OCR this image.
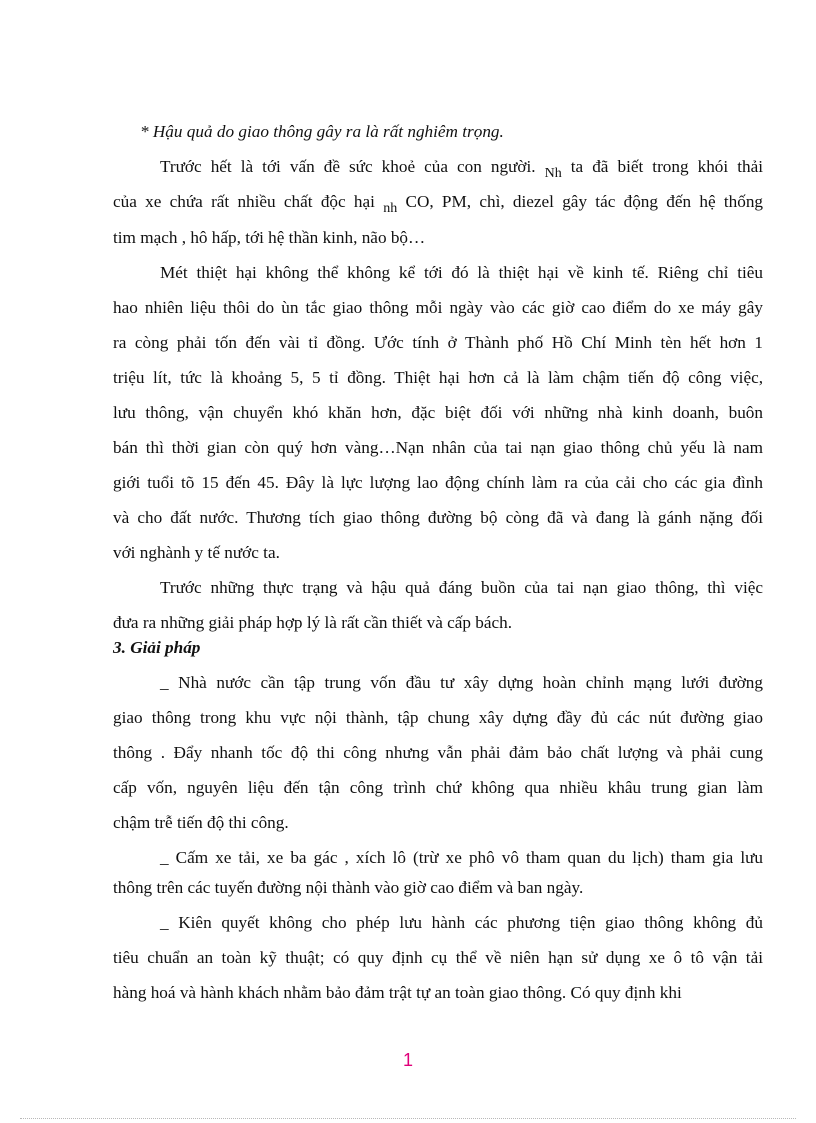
* Hậu quả do giao thông gây ra là rất nghiêm trọng.
Trước hết là tới vấn đề sức khoẻ của con người. $_{Nh}$ ta đã biết trong khói thải
của xe chứa rất nhiều chất độc hại $_{nh}$ CO, PM, chì, diezel gây tác động đến hệ thống
tim mạch , hô hấp, tới hệ thần kinh, não bộ…
Mét thiệt hại không thể không kể tới đó là thiệt hại về kinh tế. Riêng chỉ tiêu
hao nhiên liệu thôi do ùn tắc giao thông mỗi ngày vào các giờ cao điểm do xe máy gây
ra còng phải tốn đến vài tỉ đồng. Ước tính ở Thành phố Hồ Chí Minh tèn hết hơn 1
triệu lít, tức là khoảng 5, 5 tỉ đồng. Thiệt hại hơn cả là làm chậm tiến độ công việc,
lưu thông, vận chuyển khó khăn hơn, đặc biệt đối với những nhà kinh doanh, buôn
bán thì thời gian còn quý hơn vàng…Nạn nhân của tai nạn giao thông chủ yếu là nam
giới tuổi tõ 15 đến 45. Đây là lực lượng lao động chính làm ra của cải cho các gia đình
và cho đất nước. Thương tích giao thông đường bộ còng đã và đang là gánh nặng đối
với nghành y tế nước ta.
Trước những thực trạng và hậu quả đáng buồn của tai nạn giao thông, thì việc
đưa ra những giải pháp hợp lý là rất cần thiết và cấp bách.
3. Giải pháp
_ Nhà nước cần tập trung vốn đầu tư xây dựng hoàn chỉnh mạng lưới đường
giao thông trong khu vực nội thành, tập chung xây dựng đầy đủ các nút đường giao
thông . Đẩy nhanh tốc độ thi công nhưng vẫn phải đảm bảo chất lượng và phải cung
cấp vốn, nguyên liệu đến tận công trình chứ không qua nhiều khâu trung gian làm
chậm trễ tiến độ thi công.
_ Cấm xe tải, xe ba gác , xích lô (trừ xe phô vô tham quan du lịch) tham gia lưu
thông trên các tuyến đường nội thành vào giờ cao điểm và ban ngày.
_ Kiên quyết không cho phép lưu hành các phương tiện giao thông không đủ
tiêu chuẩn an toàn kỹ thuật; có quy định cụ thể về niên hạn sử dụng xe ô tô vận tải
hàng hoá và hành khách nhằm bảo đảm trật tự an toàn giao thông. Có quy định khi
1
